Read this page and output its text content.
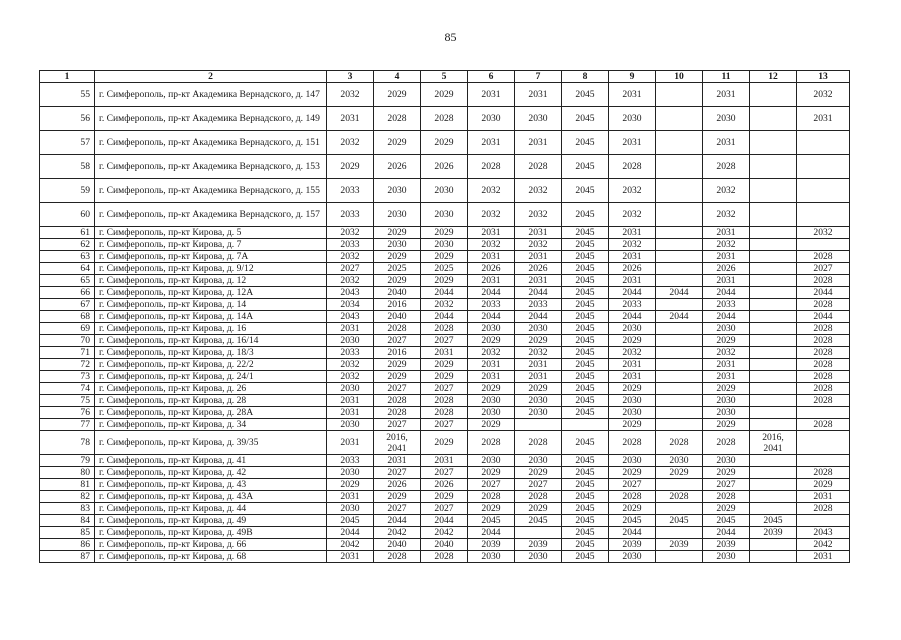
85
1	2	3	4	5	6	7	8	9	10	11	12	13
55	г. Симферополь, пр-кт Академика Вернадского, д. 147	2032	2029	2029	2031	2031	2045	2031		2031		2032
56	г. Симферополь, пр-кт Академика Вернадского, д. 149	2031	2028	2028	2030	2030	2045	2030		2030		2031
57	г. Симферополь, пр-кт Академика Вернадского, д. 151	2032	2029	2029	2031	2031	2045	2031		2031		
58	г. Симферополь, пр-кт Академика Вернадского, д. 153	2029	2026	2026	2028	2028	2045	2028		2028		
59	г. Симферополь, пр-кт Академика Вернадского, д. 155	2033	2030	2030	2032	2032	2045	2032		2032		
60	г. Симферополь, пр-кт Академика Вернадского, д. 157	2033	2030	2030	2032	2032	2045	2032		2032		
61	г. Симферополь, пр-кт Кирова, д. 5	2032	2029	2029	2031	2031	2045	2031		2031		2032
62	г. Симферополь, пр-кт Кирова, д. 7	2033	2030	2030	2032	2032	2045	2032		2032		
63	г. Симферополь, пр-кт Кирова, д. 7А	2032	2029	2029	2031	2031	2045	2031		2031		2028
64	г. Симферополь, пр-кт Кирова, д. 9/12	2027	2025	2025	2026	2026	2045	2026		2026		2027
65	г. Симферополь, пр-кт Кирова, д. 12	2032	2029	2029	2031	2031	2045	2031		2031		2028
66	г. Симферополь, пр-кт Кирова, д. 12А	2043	2040	2044	2044	2044	2045	2044	2044	2044		2044
67	г. Симферополь, пр-кт Кирова, д. 14	2034	2016	2032	2033	2033	2045	2033		2033		2028
68	г. Симферополь, пр-кт Кирова, д. 14А	2043	2040	2044	2044	2044	2045	2044	2044	2044		2044
69	г. Симферополь, пр-кт Кирова, д. 16	2031	2028	2028	2030	2030	2045	2030		2030		2028
70	г. Симферополь, пр-кт Кирова, д. 16/14	2030	2027	2027	2029	2029	2045	2029		2029		2028
71	г. Симферополь, пр-кт Кирова, д. 18/3	2033	2016	2031	2032	2032	2045	2032		2032		2028
72	г. Симферополь, пр-кт Кирова, д. 22/2	2032	2029	2029	2031	2031	2045	2031		2031		2028
73	г. Симферополь, пр-кт Кирова, д. 24/1	2032	2029	2029	2031	2031	2045	2031		2031		2028
74	г. Симферополь, пр-кт Кирова, д. 26	2030	2027	2027	2029	2029	2045	2029		2029		2028
75	г. Симферополь, пр-кт Кирова, д. 28	2031	2028	2028	2030	2030	2045	2030		2030		2028
76	г. Симферополь, пр-кт Кирова, д. 28А	2031	2028	2028	2030	2030	2045	2030		2030		
77	г. Симферополь, пр-кт Кирова, д. 34	2030	2027	2027	2029			2029		2029		2028
78	г. Симферополь, пр-кт Кирова, д. 39/35	2031	2016, 2041	2029	2028	2028	2045	2028	2028	2028	2016, 2041	
79	г. Симферополь, пр-кт Кирова, д. 41	2033	2031	2031	2030	2030	2045	2030	2030	2030		
80	г. Симферополь, пр-кт Кирова, д. 42	2030	2027	2027	2029	2029	2045	2029	2029	2029		2028
81	г. Симферополь, пр-кт Кирова, д. 43	2029	2026	2026	2027	2027	2045	2027		2027		2029
82	г. Симферополь, пр-кт Кирова, д. 43А	2031	2029	2029	2028	2028	2045	2028	2028	2028		2031
83	г. Симферополь, пр-кт Кирова, д. 44	2030	2027	2027	2029	2029	2045	2029		2029		2028
84	г. Симферополь, пр-кт Кирова, д. 49	2045	2044	2044	2045	2045	2045	2045	2045	2045	2045	
85	г. Симферополь, пр-кт Кирова, д. 49В	2044	2042	2042	2044		2045	2044		2044	2039	2043
86	г. Симферополь, пр-кт Кирова, д. 66	2042	2040	2040	2039	2039	2045	2039	2039	2039		2042
87	г. Симферополь, пр-кт Кирова, д. 68	2031	2028	2028	2030	2030	2045	2030		2030		2031
